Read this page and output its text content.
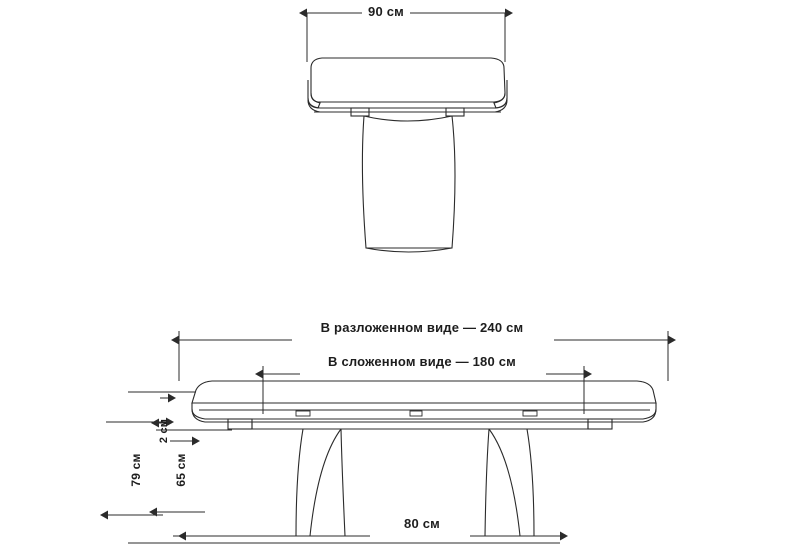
90 см
В разложенном виде — 240 см
В сложенном виде — 180 см
80 см
79 см	65 см
2 см
